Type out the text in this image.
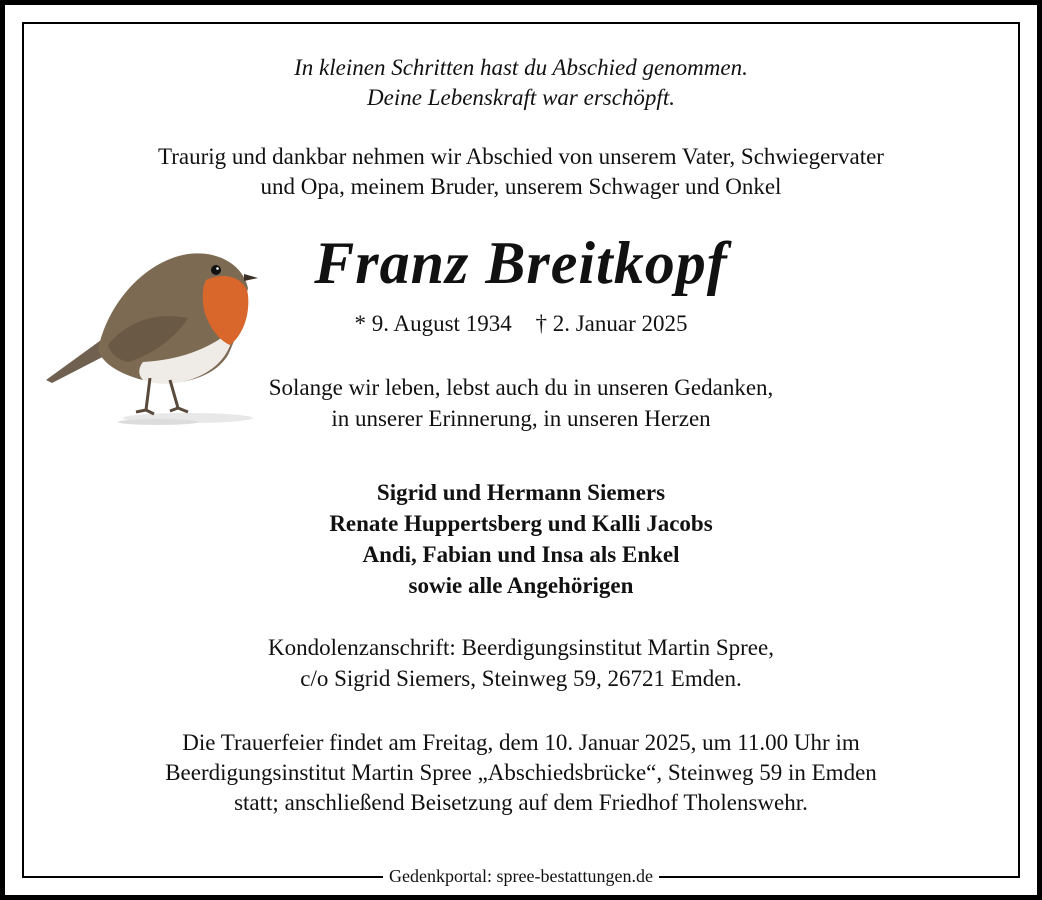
In kleinen Schritten hast du Abschied genommen.
Deine Lebenskraft war erschöpft.
Traurig und dankbar nehmen wir Abschied von unserem Vater, Schwiegervater
und Opa, meinem Bruder, unserem Schwager und Onkel
Franz Breitkopf
* 9. August 1934 † 2. Januar 2025
Solange wir leben, lebst auch du in unseren Gedanken,
in unserer Erinnerung, in unseren Herzen
Sigrid und Hermann Siemers
Renate Huppertsberg und Kalli Jacobs
Andi, Fabian und Insa als Enkel
sowie alle Angehörigen
Kondolenzanschrift: Beerdigungsinstitut Martin Spree,
c/o Sigrid Siemers, Steinweg 59, 26721 Emden.
Die Trauerfeier findet am Freitag, dem 10. Januar 2025, um 11.00 Uhr im
Beerdigungsinstitut Martin Spree „Abschiedsbrücke“, Steinweg 59 in Emden
statt; anschließend Beisetzung auf dem Friedhof Tholenswehr.
Gedenkportal: spree-bestattungen.de
